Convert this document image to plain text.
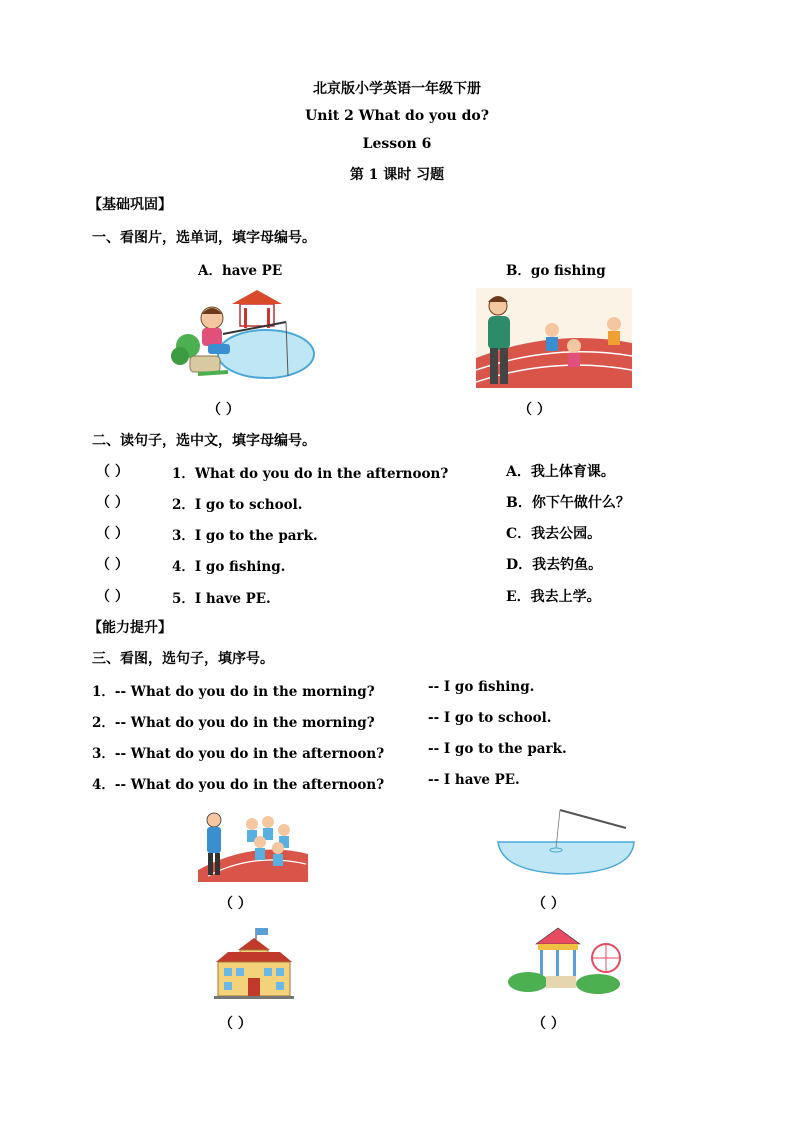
北京版小学英语一年级下册
Unit 2 What do you do?
Lesson 6
第 1 课时 习题
【基础巩固】
一、看图片，选单词，填字母编号。
A．have PE	B．go fishing
（ ）	（ ）
二、读句子，选中文，填字母编号。
（ ）	1．What do you do in the afternoon?	A．我上体育课。
（ ）	2．I go to school.	B．你下午做什么？
（ ）	3．I go to the park.	C．我去公园。
（ ）	4．I go fishing.	D．我去钓鱼。
（ ）	5．I have PE.	E．我去上学。
【能力提升】
三、看图，选句子，填序号。
1．-- What do you do in the morning?	-- I go fishing.
2．-- What do you do in the morning?	-- I go to school.
3．-- What do you do in the afternoon?	-- I go to the park.
4．-- What do you do in the afternoon?	-- I have PE.
（ ）	（ ）
（ ）	（ ）
